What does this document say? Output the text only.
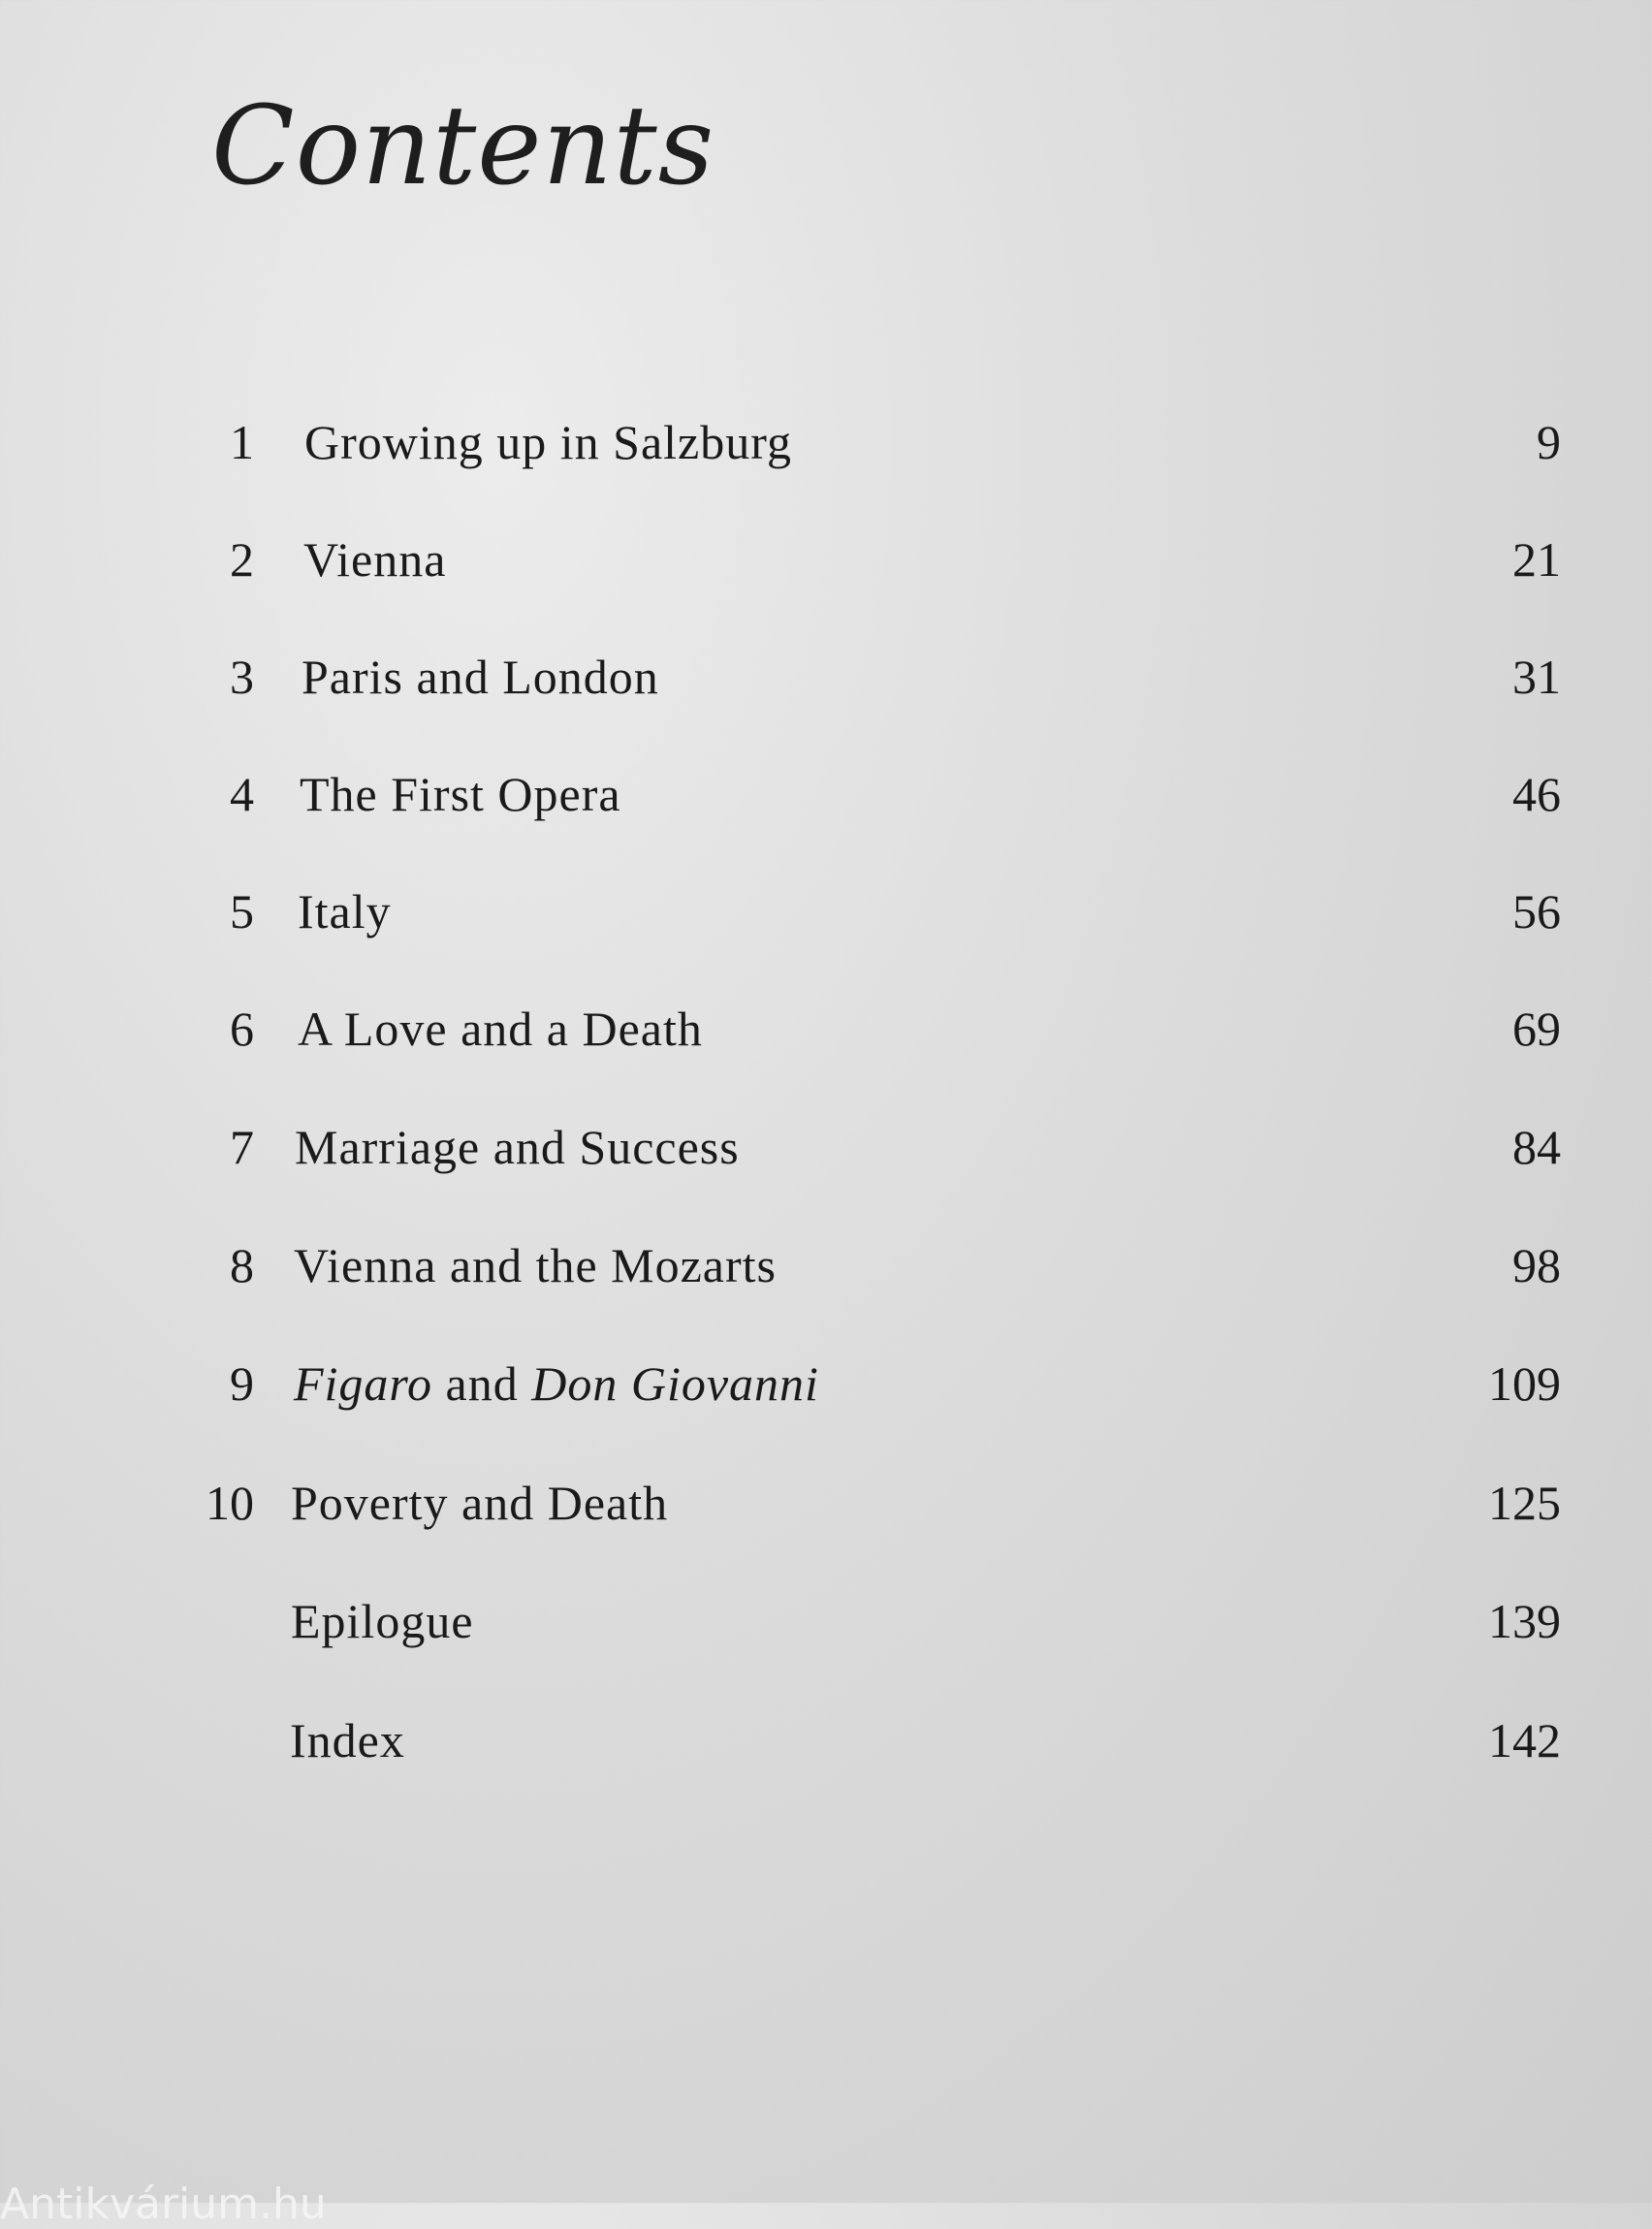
Contents
1 Growing up in Salzburg	9
2 Vienna	21
3 Paris and London	31
4 The First Opera	46
5 Italy	56
6 A Love and a Death	69
7 Marriage and Success	84
8 Vienna and the Mozarts	98
9 Figaro and Don Giovanni	109
10 Poverty and Death	125
Epilogue	139
Index	142
Antikvárium.hu
